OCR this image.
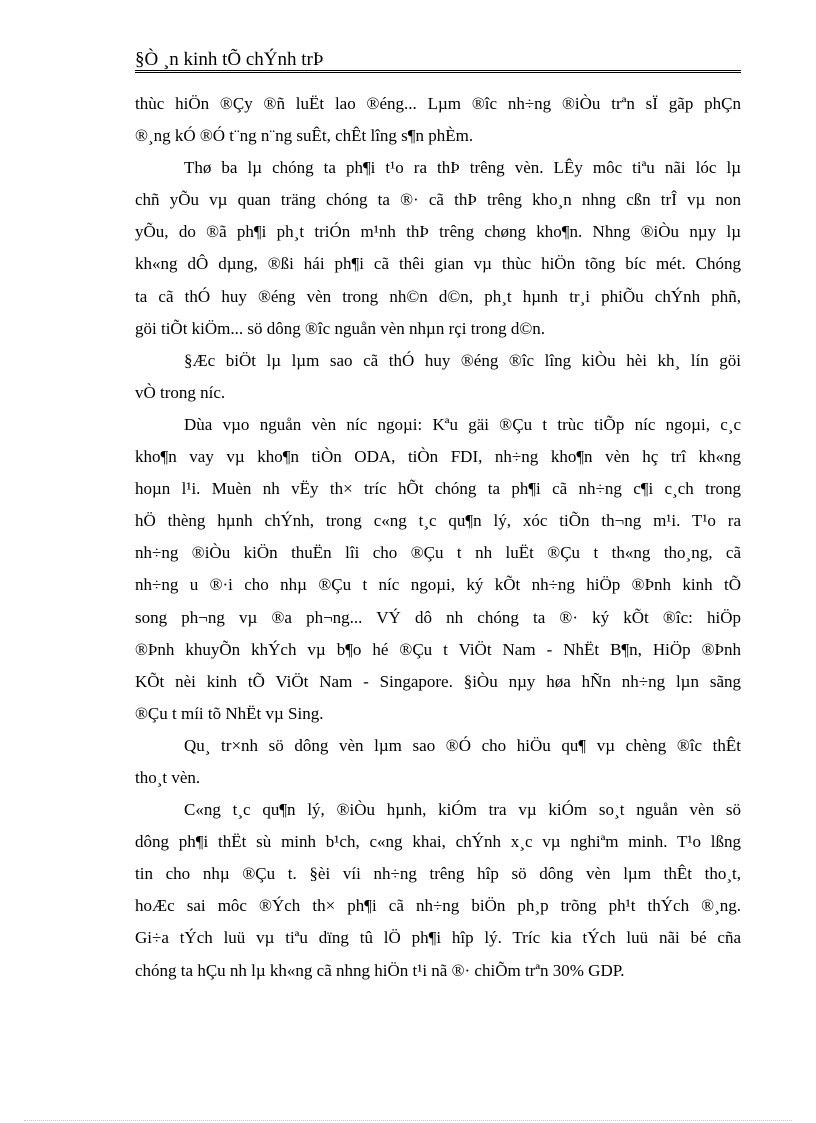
§Ò ¸n kinh tÕ chÝnh trÞ

thùc hiÖn ®Çy ®ñ luËt lao ®éng... Lµm ®îc nh÷ng ®iÒu trªn sÏ gãp phÇn

®¸ng kÓ ®Ó t¨ng n¨ng suÊt, chÊt lîng s¶n phÈm.

Thø ba lµ chóng ta ph¶i t¹o ra thÞ trêng vèn. LÊy môc tiªu nãi lóc lµ

chñ yÕu vµ quan träng chóng ta ®· cã thÞ trêng kho¸n nhng cßn trÎ vµ non

yÕu, do ®ã ph¶i ph¸t triÓn m¹nh thÞ trêng chøng kho¶n. Nhng ®iÒu nµy lµ

kh«ng dÔ dµng, ®ßi hái ph¶i cã thêi gian vµ thùc hiÖn tõng bíc mét. Chóng

ta cã thÓ huy ®éng vèn trong nh©n d©n, ph¸t hµnh tr¸i phiÕu chÝnh phñ,

göi tiÕt kiÖm... sö dông ®îc nguån vèn nhµn rçi trong d©n.

§Æc biÖt lµ lµm sao cã thÓ huy ®éng ®îc lîng kiÒu hèi kh¸ lín göi

vÒ trong níc.

Dùa vµo nguån vèn níc ngoµi: Kªu gäi ®Çu t trùc tiÕp níc ngoµi, c¸c

kho¶n vay vµ kho¶n tiÒn ODA, tiÒn FDI, nh÷ng kho¶n vèn hç trî kh«ng

hoµn l¹i. Muèn nh vËy th× tríc hÕt chóng ta ph¶i cã nh÷ng c¶i c¸ch trong

hÖ thèng hµnh chÝnh, trong c«ng t¸c qu¶n lý, xóc tiÕn th¬ng m¹i. T¹o ra

nh÷ng ®iÒu kiÖn thuËn lîi cho ®Çu t nh luËt ®Çu t th«ng tho¸ng, cã

nh÷ng u ®·i cho nhµ ®Çu t níc ngoµi, ký kÕt nh÷ng hiÖp ®Þnh kinh tÕ

song ph¬ng vµ ®a ph¬ng... VÝ dô nh chóng ta ®· ký kÕt ®îc: hiÖp

®Þnh khuyÕn khÝch vµ b¶o hé ®Çu t ViÖt Nam - NhËt B¶n, HiÖp ®Þnh

KÕt nèi kinh tÕ ViÖt Nam - Singapore. §iÒu nµy høa hÑn nh÷ng lµn sãng

®Çu t míi tõ NhËt vµ Sing.

Qu¸ tr×nh sö dông vèn lµm sao ®Ó cho hiÖu qu¶ vµ chèng ®îc thÊt

tho¸t vèn.

C«ng t¸c qu¶n lý, ®iÒu hµnh, kiÓm tra vµ kiÓm so¸t nguån vèn sö

dông ph¶i thËt sù minh b¹ch, c«ng khai, chÝnh x¸c vµ nghiªm minh. T¹o lßng

tin cho nhµ ®Çu t. §èi víi nh÷ng trêng hîp sö dông vèn lµm thÊt tho¸t,

hoÆc sai môc ®Ých th× ph¶i cã nh÷ng biÖn ph¸p trõng ph¹t thÝch ®¸ng.

Gi÷a tÝch luü vµ tiªu dïng tû lÖ ph¶i hîp lý. Tríc kia tÝch luü nãi bé cña

chóng ta hÇu nh lµ kh«ng cã nhng hiÖn t¹i nã ®· chiÕm trªn 30% GDP.
